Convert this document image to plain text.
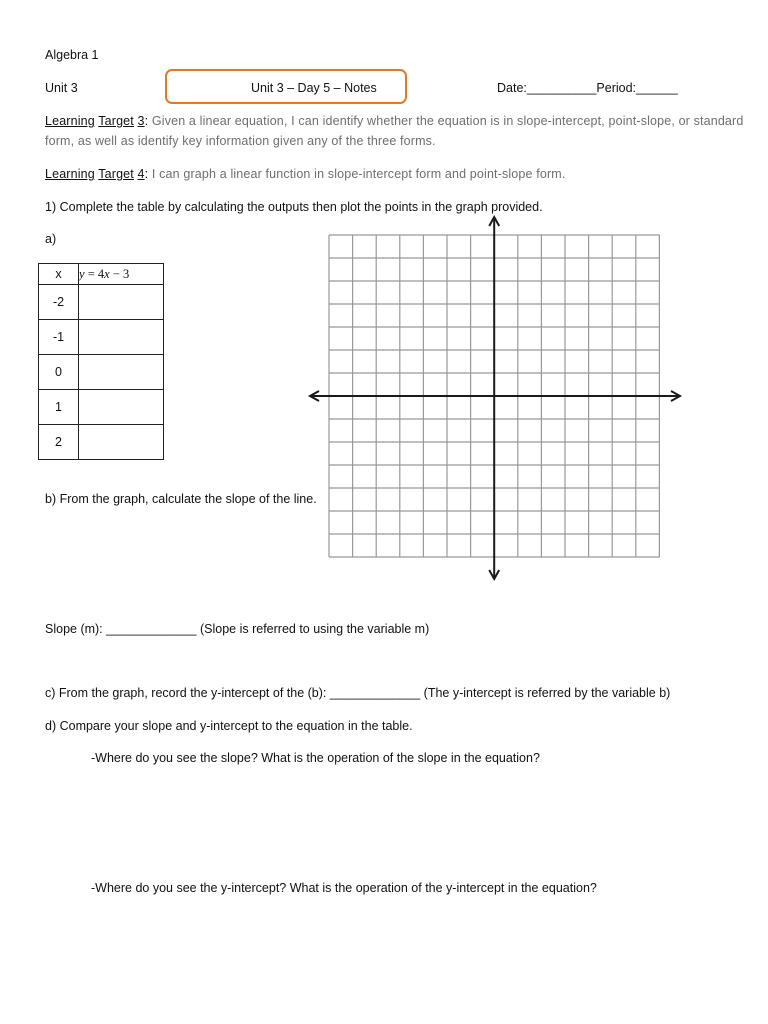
Algebra 1
Unit 3	Unit 3 – Day 5 – Notes	Date:__________Period:______
Learning Target 3: Given a linear equation, I can identify whether the equation is in slope-intercept, point-slope, or standard form, as well as identify key information given any of the three forms.
Learning Target 4: I can graph a linear function in slope-intercept form and point-slope form.
1) Complete the table by calculating the outputs then plot the points in the graph provided.
a)
x	y = 4x − 3
-2	
-1	
0	
1	
2	
b) From the graph, calculate the slope of the line.
Slope (m): _____________ (Slope is referred to using the variable m)
c) From the graph, record the y-intercept of the (b): _____________ (The y-intercept is referred by the variable b)
d) Compare your slope and y-intercept to the equation in the table.
-Where do you see the slope? What is the operation of the slope in the equation?
-Where do you see the y-intercept? What is the operation of the y-intercept in the equation?
